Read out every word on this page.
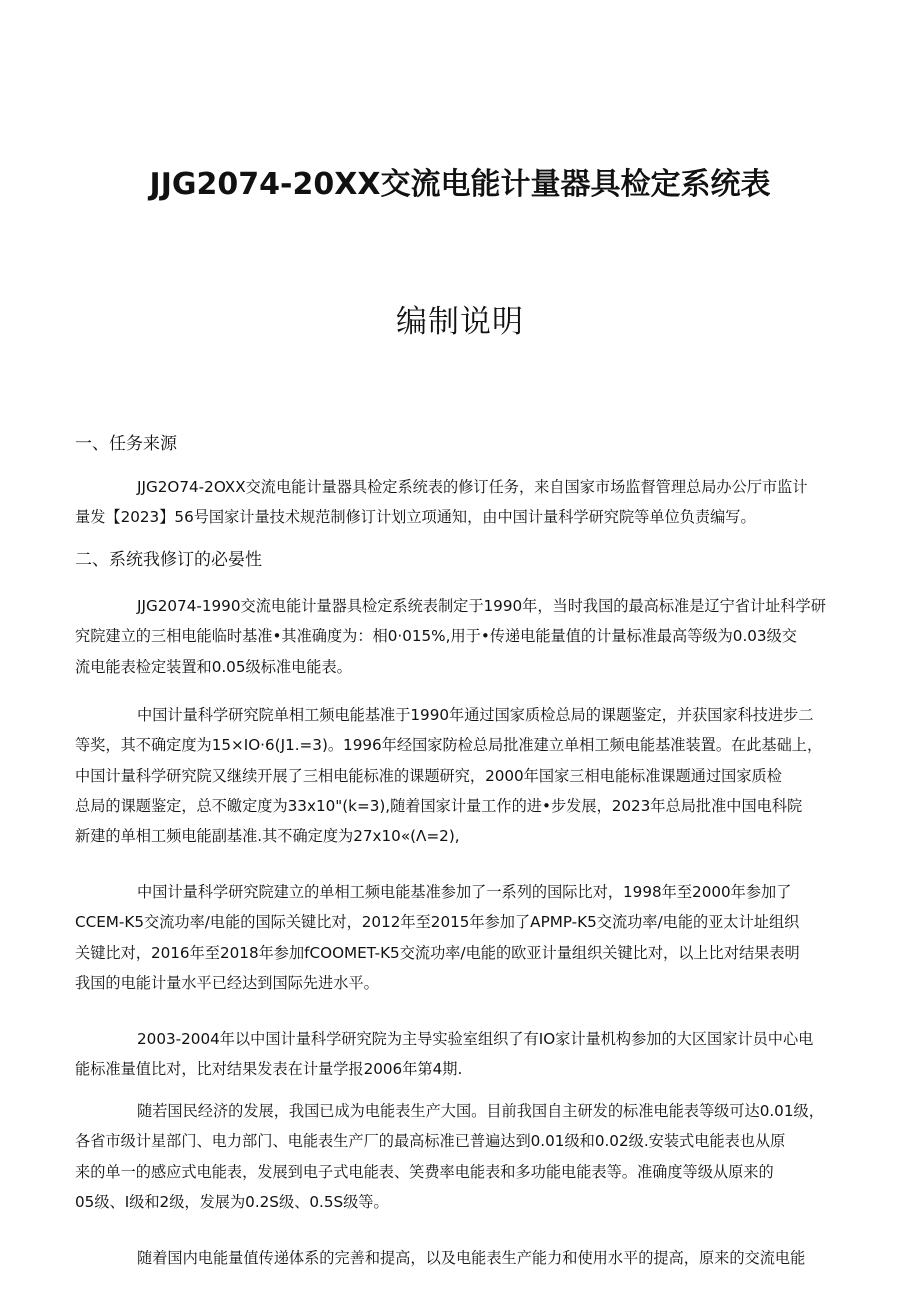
JJG2074-20XX交流电能计量器具检定系统表
编制说明
一、任务来源
JJG2O74-2OXX交流电能计量器具检定系统表的修订任务，来自国家市场监督管理总局办公厅市监计
量发【2023】56号国家计量技术规范制修订计划立项通知，由中国计量科学研究院等单位负责编写。
二、系统我修订的必晏性
JJG2074-1990交流电能计量器具检定系统表制定于1990年，当时我国的最高标准是辽宁省计址科学研
究院建立的三相电能临时基准•其准确度为：相0·015%,用于•传递电能量值的计量标准最高等级为0.03级交
流电能表检定装置和0.05级标准电能表。
中国计量科学研究院单相工频电能基准于1990年通过国家质检总局的课题鉴定，并获国家科技进步二
等奖，其不确定度为15×IO·6(J1.=3)。1996年经国家防检总局批准建立单相工频电能基准装置。在此基础上，
中国计量科学研究院又继续开展了三相电能标准的课题研究，2000年国家三相电能标准课题通过国家质检
总局的课题鉴定，总不皦定度为33x10"(k=3),随着国家计量工作的进•步发展，2023年总局批准中国电科院
新建的单相工频电能副基准.其不确定度为27x10«(Λ=2),
中国计量科学研究院建立的单相工频电能基准参加了一系列的国际比对，1998年至2000年参加了
CCEM-K5交流功率/电能的国际关键比对，2012年至2015年参加了APMP-K5交流功率/电能的亚太计址组织
关键比对，2016年至2018年参加fCOOMET-K5交流功率/电能的欧亚计量组织关键比对，以上比对结果表明
我国的电能计量水平已经达到国际先进水平。
2003-2004年以中国计量科学研究院为主导实验室组织了有IO家计量机构参加的大区国家计员中心电
能标准量值比对，比对结果发表在计量学报2006年第4期.
随若国民经济的发展，我国已成为电能表生产大国。目前我国自主研发的标准电能表等级可达0.01级，
各省市级计星部门、电力部门、电能表生产厂的最高标准已普遍达到0.01级和0.02级.安装式电能表也从原
来的单一的感应式电能表，发展到电子式电能表、笑费率电能表和多功能电能表等。准确度等级从原来的
05级、I级和2级，发展为0.2S级、0.5S级等。
随着国内电能量值传递体系的完善和提高，以及电能表生产能力和使用水平的提高，原来的交流电能
